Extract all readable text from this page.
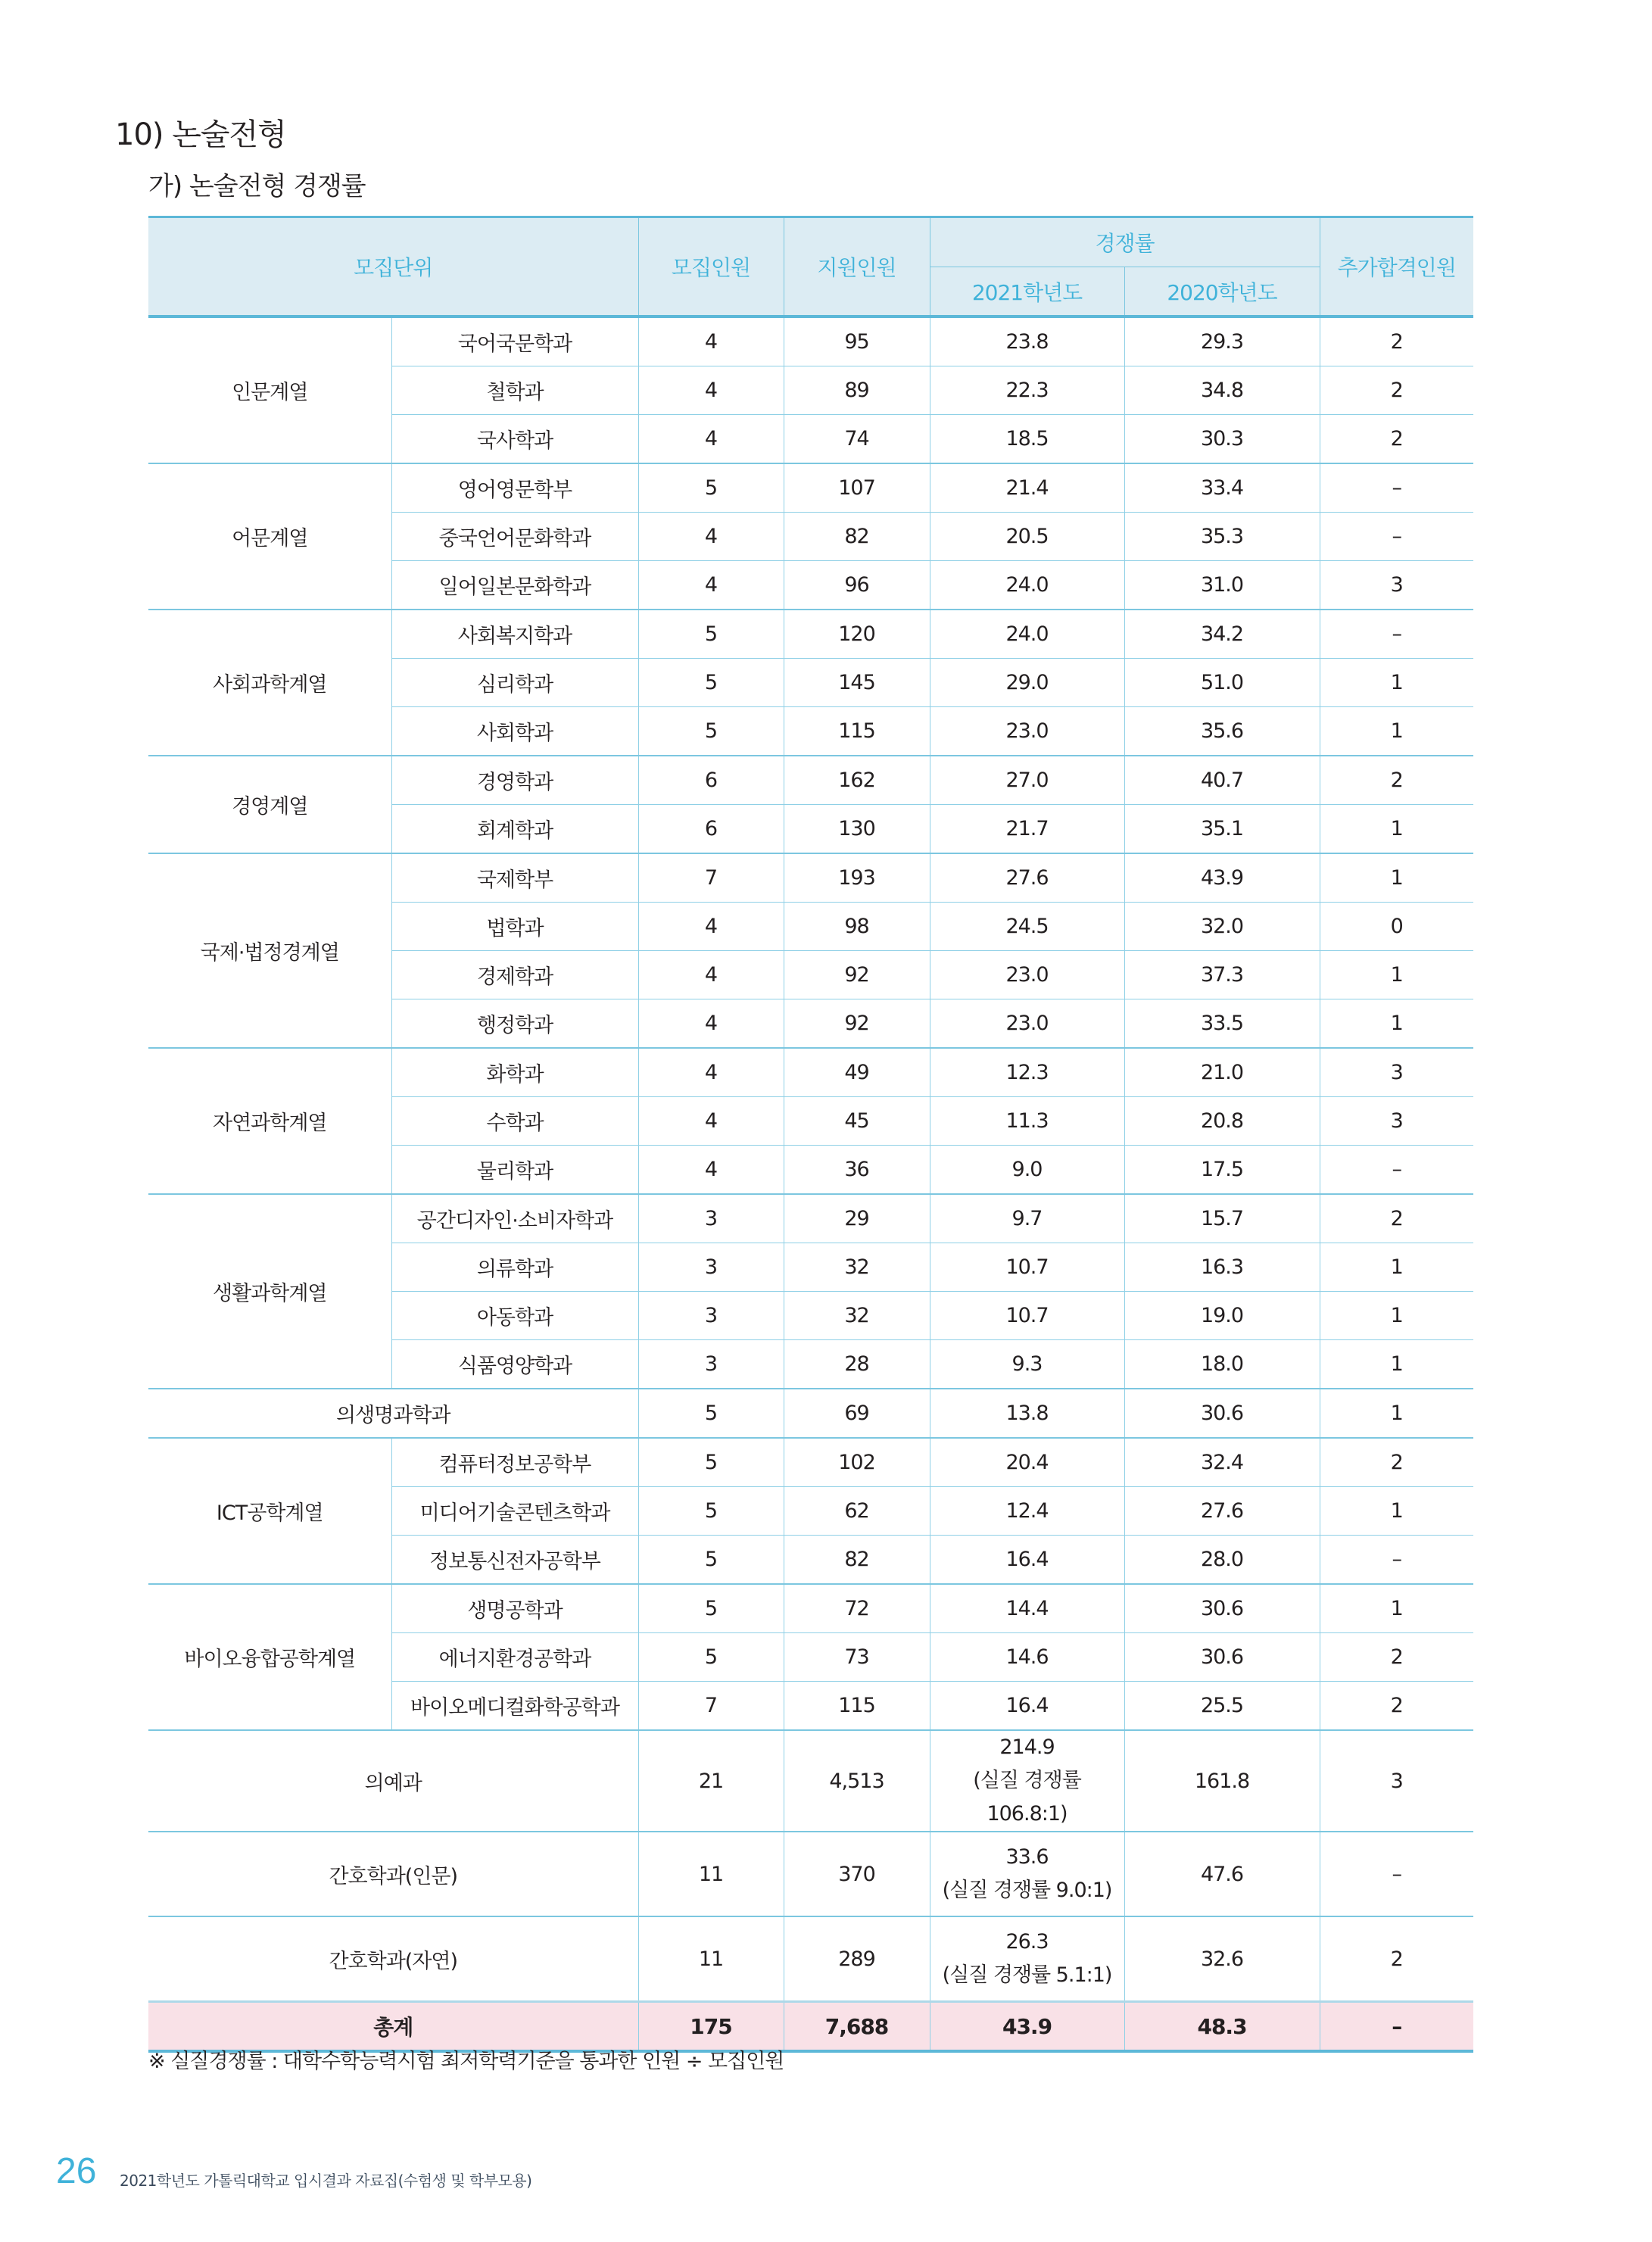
10) 논술전형
가) 논술전형 경쟁률
모집단위		모집인원	지원인원	경쟁률		추가합격인원
				2021학년도	2020학년도	
인문계열	국어국문학과	4	95	23.8	29.3	2
	철학과	4	89	22.3	34.8	2
	국사학과	4	74	18.5	30.3	2
어문계열	영어영문학부	5	107	21.4	33.4	–
	중국언어문화학과	4	82	20.5	35.3	–
	일어일본문화학과	4	96	24.0	31.0	3
사회과학계열	사회복지학과	5	120	24.0	34.2	–
	심리학과	5	145	29.0	51.0	1
	사회학과	5	115	23.0	35.6	1
경영계열	경영학과	6	162	27.0	40.7	2
	회계학과	6	130	21.7	35.1	1
국제·법정경계열	국제학부	7	193	27.6	43.9	1
	법학과	4	98	24.5	32.0	0
	경제학과	4	92	23.0	37.3	1
	행정학과	4	92	23.0	33.5	1
자연과학계열	화학과	4	49	12.3	21.0	3
	수학과	4	45	11.3	20.8	3
	물리학과	4	36	9.0	17.5	–
생활과학계열	공간디자인·소비자학과	3	29	9.7	15.7	2
	의류학과	3	32	10.7	16.3	1
	아동학과	3	32	10.7	19.0	1
	식품영양학과	3	28	9.3	18.0	1
의생명과학과		5	69	13.8	30.6	1
ICT공학계열	컴퓨터정보공학부	5	102	20.4	32.4	2
	미디어기술콘텐츠학과	5	62	12.4	27.6	1
	정보통신전자공학부	5	82	16.4	28.0	–
바이오융합공학계열	생명공학과	5	72	14.4	30.6	1
	에너지환경공학과	5	73	14.6	30.6	2
	바이오메디컬화학공학과	7	115	16.4	25.5	2
의예과		21	4,513	214.9
(실질 경쟁률 106.8:1)	161.8	3
간호학과(인문)		11	370	33.6
(실질 경쟁률 9.0:1)	47.6	–
간호학과(자연)		11	289	26.3
(실질 경쟁률 5.1:1)	32.6	2
총계		175	7,688	43.9	48.3	–
※ 실질경쟁률 : 대학수학능력시험 최저학력기준을 통과한 인원 ÷ 모집인원
26 2021학년도 가톨릭대학교 입시결과 자료집(수험생 및 학부모용)
